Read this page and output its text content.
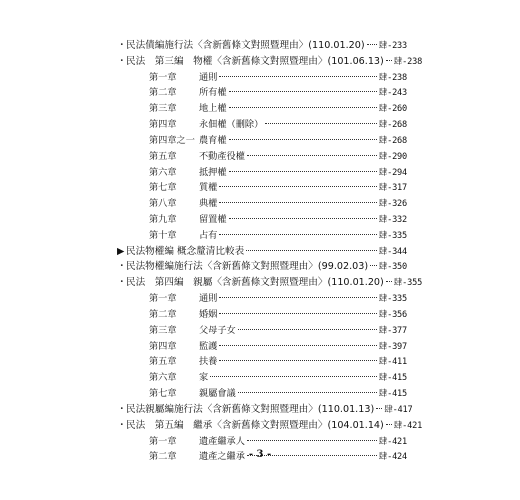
・ 民法債編施行法〈含新舊條文對照暨理由〉(110.01.20) 肆-233
・ 民法　第三編　物權〈含新舊條文對照暨理由〉(101.06.13) 肆-238
第一章	通則	肆-238
第二章	所有權	肆-243
第三章	地上權	肆-260
第四章	永佃權（刪除）	肆-268
第四章之一 農育權	肆-268
第五章	不動產役權	肆-290
第六章	抵押權	肆-294
第七章	質權	肆-317
第八章	典權	肆-326
第九章	留置權	肆-332
第十章	占有	肆-335
▶ 民法物權編 概念釐清比較表	肆-344
・ 民法物權編施行法〈含新舊條文對照暨理由〉(99.02.03) 肆-350
・ 民法　第四編　親屬〈含新舊條文對照暨理由〉(110.01.20) 肆-355
第一章	通則	肆-335
第二章	婚姻	肆-356
第三章	父母子女	肆-377
第四章	監護	肆-397
第五章	扶養	肆-411
第六章	家	肆-415
第七章	親屬會議	肆-415
・ 民法親屬編施行法〈含新舊條文對照暨理由〉(110.01.13) 肆-417
・ 民法　第五編　繼承〈含新舊條文對照暨理由〉(104.01.14) 肆-421
第一章	遺產繼承人	肆-421
第二章	遺產之繼承	肆-424
- 3 -
